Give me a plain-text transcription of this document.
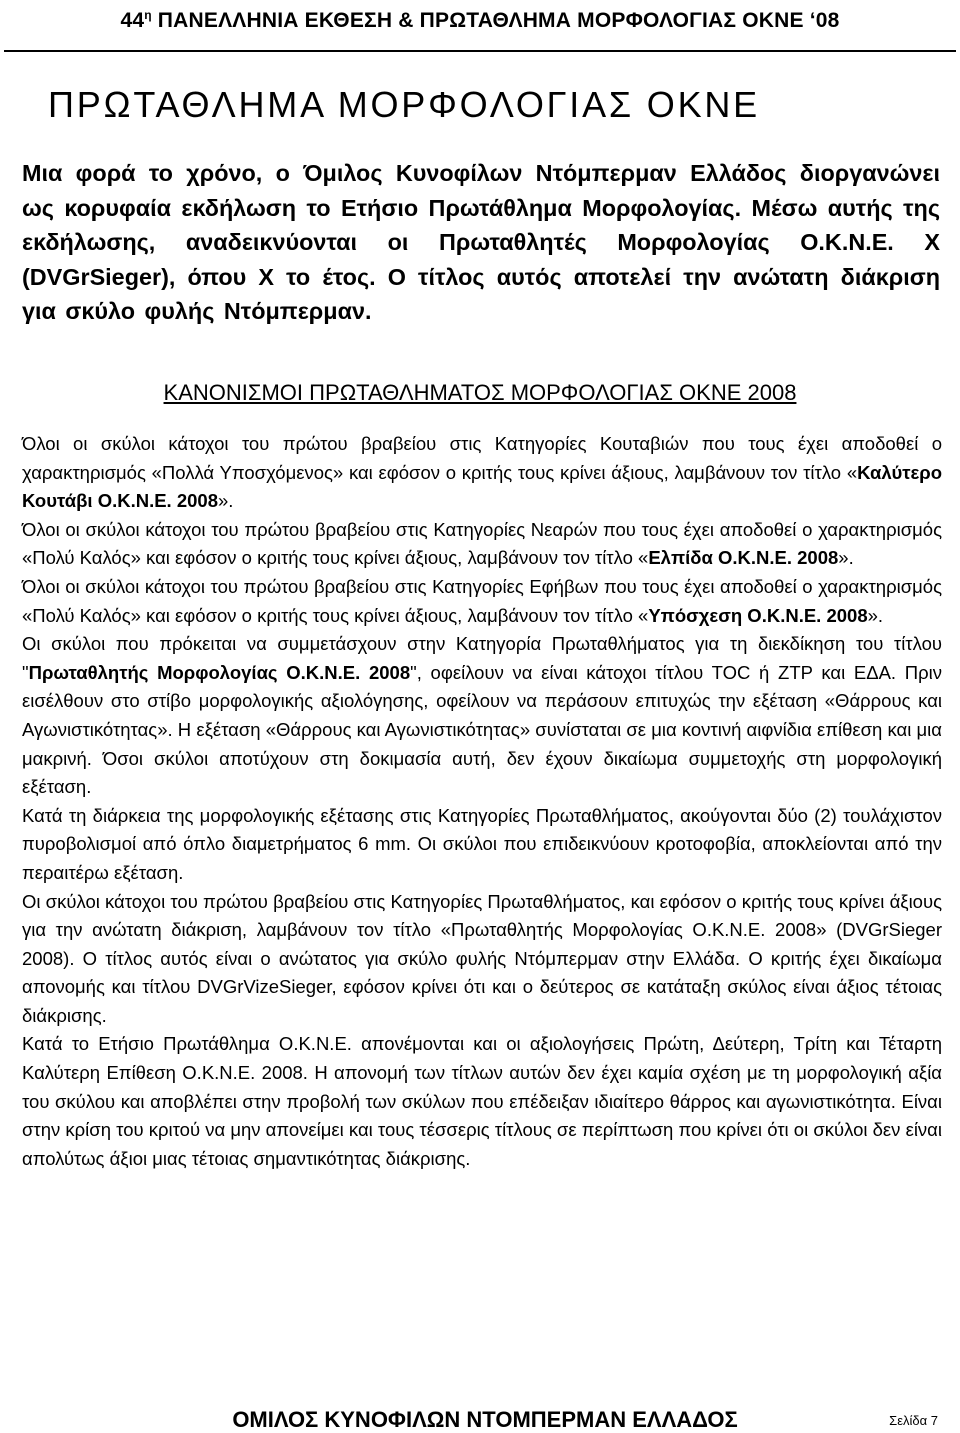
$44^\eta$ ΠΑΝΕΛΛΗΝΙΑ ΕΚΘΕΣΗ & ΠΡΩΤΑΘΛΗΜΑ ΜΟΡΦΟΛΟΓΙΑΣ ΟΚΝΕ ‘08
ΠΡΩΤΑΘΛΗΜΑ ΜΟΡΦΟΛΟΓΙΑΣ ΟΚΝΕ
Μια φορά το χρόνο, ο Όμιλος Κυνοφίλων Ντόμπερμαν Ελλάδος διοργανώνει ως κορυφαία εκδήλωση το Ετήσιο Πρωτάθλημα Μορφολογίας. Μέσω αυτής της εκδήλωσης, αναδεικνύονται οι Πρωταθλητές Μορφολογίας Ο.Κ.Ν.Ε. Χ (DVGrSieger), όπου Χ το έτος. Ο τίτλος αυτός αποτελεί την ανώτατη διάκριση για σκύλο φυλής Ντόμπερμαν.
ΚΑΝΟΝΙΣΜΟΙ ΠΡΩΤΑΘΛΗΜΑΤΟΣ ΜΟΡΦΟΛΟΓΙΑΣ ΟΚΝΕ 2008

Όλοι οι σκύλοι κάτοχοι του πρώτου βραβείου στις Κατηγορίες Κουταβιών που τους έχει αποδοθεί ο χαρακτηρισμός «Πολλά Υποσχόμενος» και εφόσον ο κριτής τους κρίνει άξιους, λαμβάνουν τον τίτλο «Καλύτερο Κουτάβι Ο.Κ.Ν.Ε. 2008».

Όλοι οι σκύλοι κάτοχοι του πρώτου βραβείου στις Κατηγορίες Νεαρών που τους έχει αποδοθεί ο χαρακτηρισμός «Πολύ Καλός» και εφόσον ο κριτής τους κρίνει άξιους, λαμβάνουν τον τίτλο «Ελπίδα Ο.Κ.Ν.Ε. 2008».

Όλοι οι σκύλοι κάτοχοι του πρώτου βραβείου στις Κατηγορίες Εφήβων που τους έχει αποδοθεί ο χαρακτηρισμός «Πολύ Καλός» και εφόσον ο κριτής τους κρίνει άξιους, λαμβάνουν τον τίτλο «Υπόσχεση Ο.Κ.Ν.Ε. 2008».

Οι σκύλοι που πρόκειται να συμμετάσχουν στην Κατηγορία Πρωταθλήματος για τη διεκδίκηση του τίτλου "Πρωταθλητής Μορφολογίας Ο.Κ.Ν.Ε. 2008", οφείλουν να είναι κάτοχοι τίτλου ΤΟC ή ZTP και ΕΔΑ. Πριν εισέλθουν στο στίβο μορφολογικής αξιολόγησης, οφείλουν να περάσουν επιτυχώς την εξέταση «Θάρρους και Αγωνιστικότητας». Η εξέταση «Θάρρους και Αγωνιστικότητας» συνίσταται σε μια κοντινή αιφνίδια επίθεση και μια μακρινή. Όσοι σκύλοι αποτύχουν στη δοκιμασία αυτή, δεν έχουν δικαίωμα συμμετοχής στη μορφολογική εξέταση.

Κατά τη διάρκεια της μορφολογικής εξέτασης στις Κατηγορίες Πρωταθλήματος, ακούγονται δύο (2) τουλάχιστον πυροβολισμοί από όπλο διαμετρήματος 6 mm. Οι σκύλοι που επιδεικνύουν κροτοφοβία, αποκλείονται από την περαιτέρω εξέταση.

Οι σκύλοι κάτοχοι του πρώτου βραβείου στις Κατηγορίες Πρωταθλήματος, και εφόσον ο κριτής τους κρίνει άξιους για την ανώτατη διάκριση, λαμβάνουν τον τίτλο «Πρωταθλητής Μορφολογίας Ο.Κ.Ν.Ε. 2008» (DVGrSieger 2008). Ο τίτλος αυτός είναι ο ανώτατος για σκύλο φυλής Ντόμπερμαν στην Ελλάδα. Ο κριτής έχει δικαίωμα απονομής και τίτλου DVGrVizeSieger, εφόσον κρίνει ότι και ο δεύτερος σε κατάταξη σκύλος είναι άξιος τέτοιας διάκρισης.

Κατά το Ετήσιο Πρωτάθλημα Ο.Κ.Ν.Ε. απονέμονται και οι αξιολογήσεις Πρώτη, Δεύτερη, Τρίτη και Τέταρτη Καλύτερη Επίθεση Ο.Κ.Ν.Ε. 2008. Η απονομή των τίτλων αυτών δεν έχει καμία σχέση με τη μορφολογική αξία του σκύλου και αποβλέπει στην προβολή των σκύλων που επέδειξαν ιδιαίτερο θάρρος και αγωνιστικότητα. Είναι στην κρίση του κριτού να μην απονείμει και τους τέσσερις τίτλους σε περίπτωση που κρίνει ότι οι σκύλοι δεν είναι απολύτως άξιοι μιας τέτοιας σημαντικότητας διάκρισης.

ΟΜΙΛΟΣ ΚΥΝΟΦΙΛΩΝ ΝΤΟΜΠΕΡΜΑΝ ΕΛΛΑΔΟΣ	Σελίδα 7
